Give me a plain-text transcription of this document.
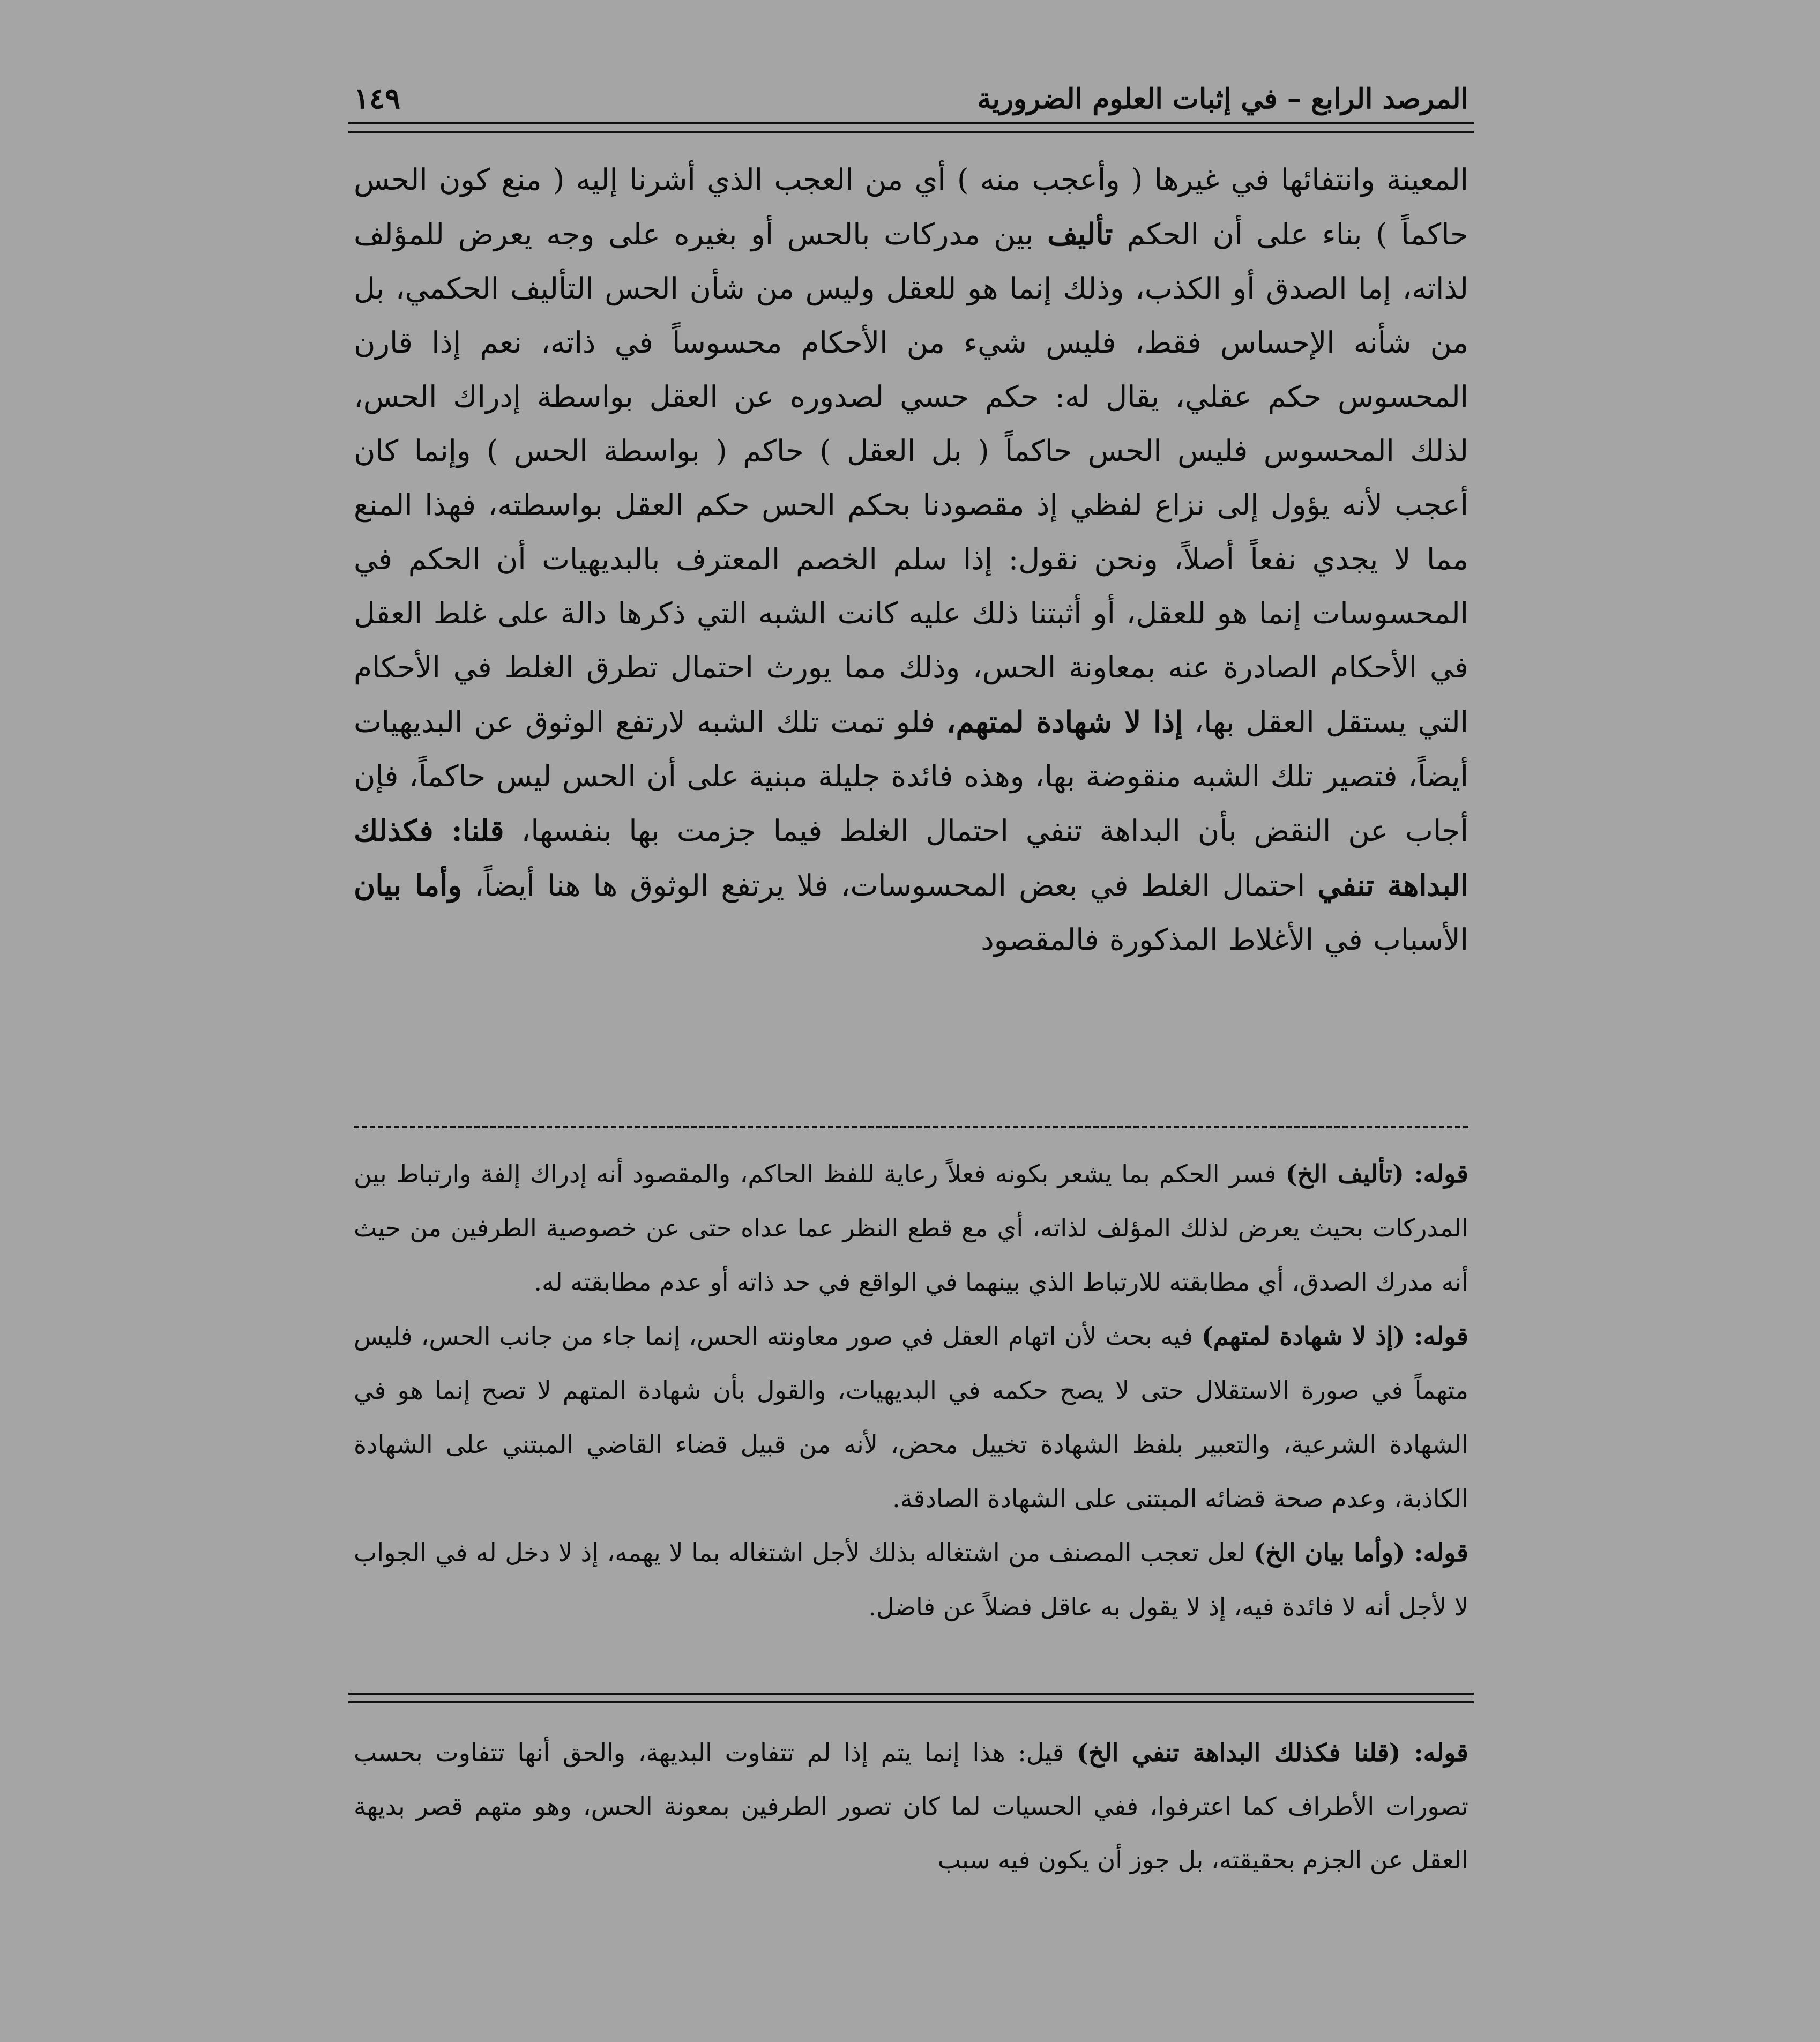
المرصد الرابع – في إثبات العلوم الضرورية
١٤٩

المعينة وانتفائها في غيرها ( وأعجب منه ) أي من العجب الذي أشرنا إليه ( منع كون الحس حاكماً ) بناء على أن الحكم تأليف بين مدركات بالحس أو بغيره على وجه يعرض للمؤلف لذاته، إما الصدق أو الكذب، وذلك إنما هو للعقل وليس من شأن الحس التأليف الحكمي، بل من شأنه الإحساس فقط، فليس شيء من الأحكام محسوساً في ذاته، نعم إذا قارن المحسوس حكم عقلي، يقال له: حكم حسي لصدوره عن العقل بواسطة إدراك الحس، لذلك المحسوس فليس الحس حاكماً ( بل العقل ) حاكم ( بواسطة الحس ) وإنما كان أعجب لأنه يؤول إلى نزاع لفظي إذ مقصودنا بحكم الحس حكم العقل بواسطته، فهذا المنع مما لا يجدي نفعاً أصلاً، ونحن نقول: إذا سلم الخصم المعترف بالبديهيات أن الحكم في المحسوسات إنما هو للعقل، أو أثبتنا ذلك عليه كانت الشبه التي ذكرها دالة على غلط العقل في الأحكام الصادرة عنه بمعاونة الحس، وذلك مما يورث احتمال تطرق الغلط في الأحكام التي يستقل العقل بها، إذا لا شهادة لمتهم، فلو تمت تلك الشبه لارتفع الوثوق عن البديهيات أيضاً، فتصير تلك الشبه منقوضة بها، وهذه فائدة جليلة مبنية على أن الحس ليس حاكماً، فإن أجاب عن النقض بأن البداهة تنفي احتمال الغلط فيما جزمت بها بنفسها، قلنا: فكذلك البداهة تنفي احتمال الغلط في بعض المحسوسات، فلا يرتفع الوثوق ها هنا أيضاً، وأما بيان الأسباب في الأغلاط المذكورة فالمقصود

قوله: (تأليف الخ) فسر الحكم بما يشعر بكونه فعلاً رعاية للفظ الحاكم، والمقصود أنه إدراك إلفة وارتباط بين المدركات بحيث يعرض لذلك المؤلف لذاته، أي مع قطع النظر عما عداه حتى عن خصوصية الطرفين من حيث أنه مدرك الصدق، أي مطابقته للارتباط الذي بينهما في الواقع في حد ذاته أو عدم مطابقته له.

قوله: (إذ لا شهادة لمتهم) فيه بحث لأن اتهام العقل في صور معاونته الحس، إنما جاء من جانب الحس، فليس متهماً في صورة الاستقلال حتى لا يصح حكمه في البديهيات، والقول بأن شهادة المتهم لا تصح إنما هو في الشهادة الشرعية، والتعبير بلفظ الشهادة تخييل محض، لأنه من قبيل قضاء القاضي المبتني على الشهادة الكاذبة، وعدم صحة قضائه المبتنى على الشهادة الصادقة.

قوله: (وأما بيان الخ) لعل تعجب المصنف من اشتغاله بذلك لأجل اشتغاله بما لا يهمه، إذ لا دخل له في الجواب لا لأجل أنه لا فائدة فيه، إذ لا يقول به عاقل فضلاً عن فاضل.

قوله: (قلنا فكذلك البداهة تنفي الخ) قيل: هذا إنما يتم إذا لم تتفاوت البديهة، والحق أنها تتفاوت بحسب تصورات الأطراف كما اعترفوا، ففي الحسيات لما كان تصور الطرفين بمعونة الحس، وهو متهم قصر بديهة العقل عن الجزم بحقيقته، بل جوز أن يكون فيه سبب
